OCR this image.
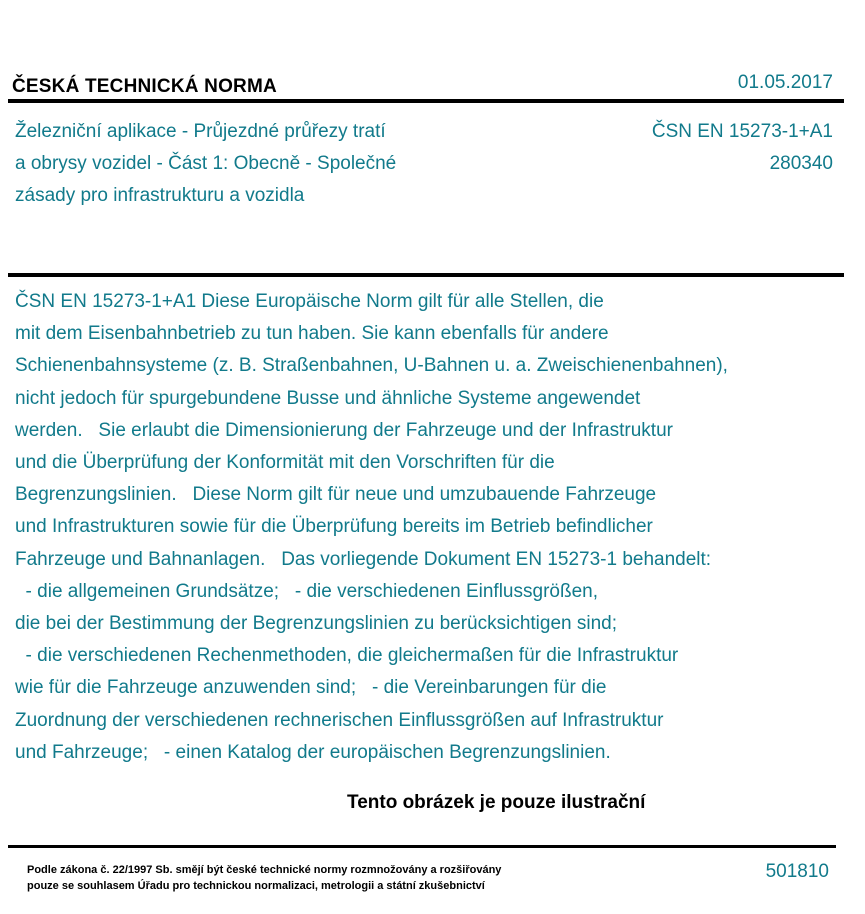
ČESKÁ TECHNICKÁ NORMA	01.05.2017
Železniční aplikace - Průjezdné průřezy tratí
a obrysy vozidel - Část 1: Obecně - Společné
zásady pro infrastrukturu a vozidla
ČSN EN 15273-1+A1
280340
ČSN EN 15273-1+A1 Diese Europäische Norm gilt für alle Stellen, die
mit dem Eisenbahnbetrieb zu tun haben. Sie kann ebenfalls für andere
Schienenbahnsysteme (z. B. Straßenbahnen, U-Bahnen u. a. Zweischienenbahnen),
nicht jedoch für spurgebundene Busse und ähnliche Systeme angewendet
werden.   Sie erlaubt die Dimensionierung der Fahrzeuge und der Infrastruktur
und die Überprüfung der Konformität mit den Vorschriften für die
Begrenzungslinien.   Diese Norm gilt für neue und umzubauende Fahrzeuge
und Infrastrukturen sowie für die Überprüfung bereits im Betrieb befindlicher
Fahrzeuge und Bahnanlagen.   Das vorliegende Dokument EN 15273-1 behandelt:
- die allgemeinen Grundsätze;   - die verschiedenen Einflussgrößen,
die bei der Bestimmung der Begrenzungslinien zu berücksichtigen sind;
- die verschiedenen Rechenmethoden, die gleichermaßen für die Infrastruktur
wie für die Fahrzeuge anzuwenden sind;   - die Vereinbarungen für die
Zuordnung der verschiedenen rechnerischen Einflussgrößen auf Infrastruktur
und Fahrzeuge;   - einen Katalog der europäischen Begrenzungslinien.
Tento obrázek je pouze ilustrační
Podle zákona č. 22/1997 Sb. smějí být české technické normy rozmnožovány a rozšiřovány
pouze se souhlasem Úřadu pro technickou normalizaci, metrologii a státní zkušebnictví
501810
